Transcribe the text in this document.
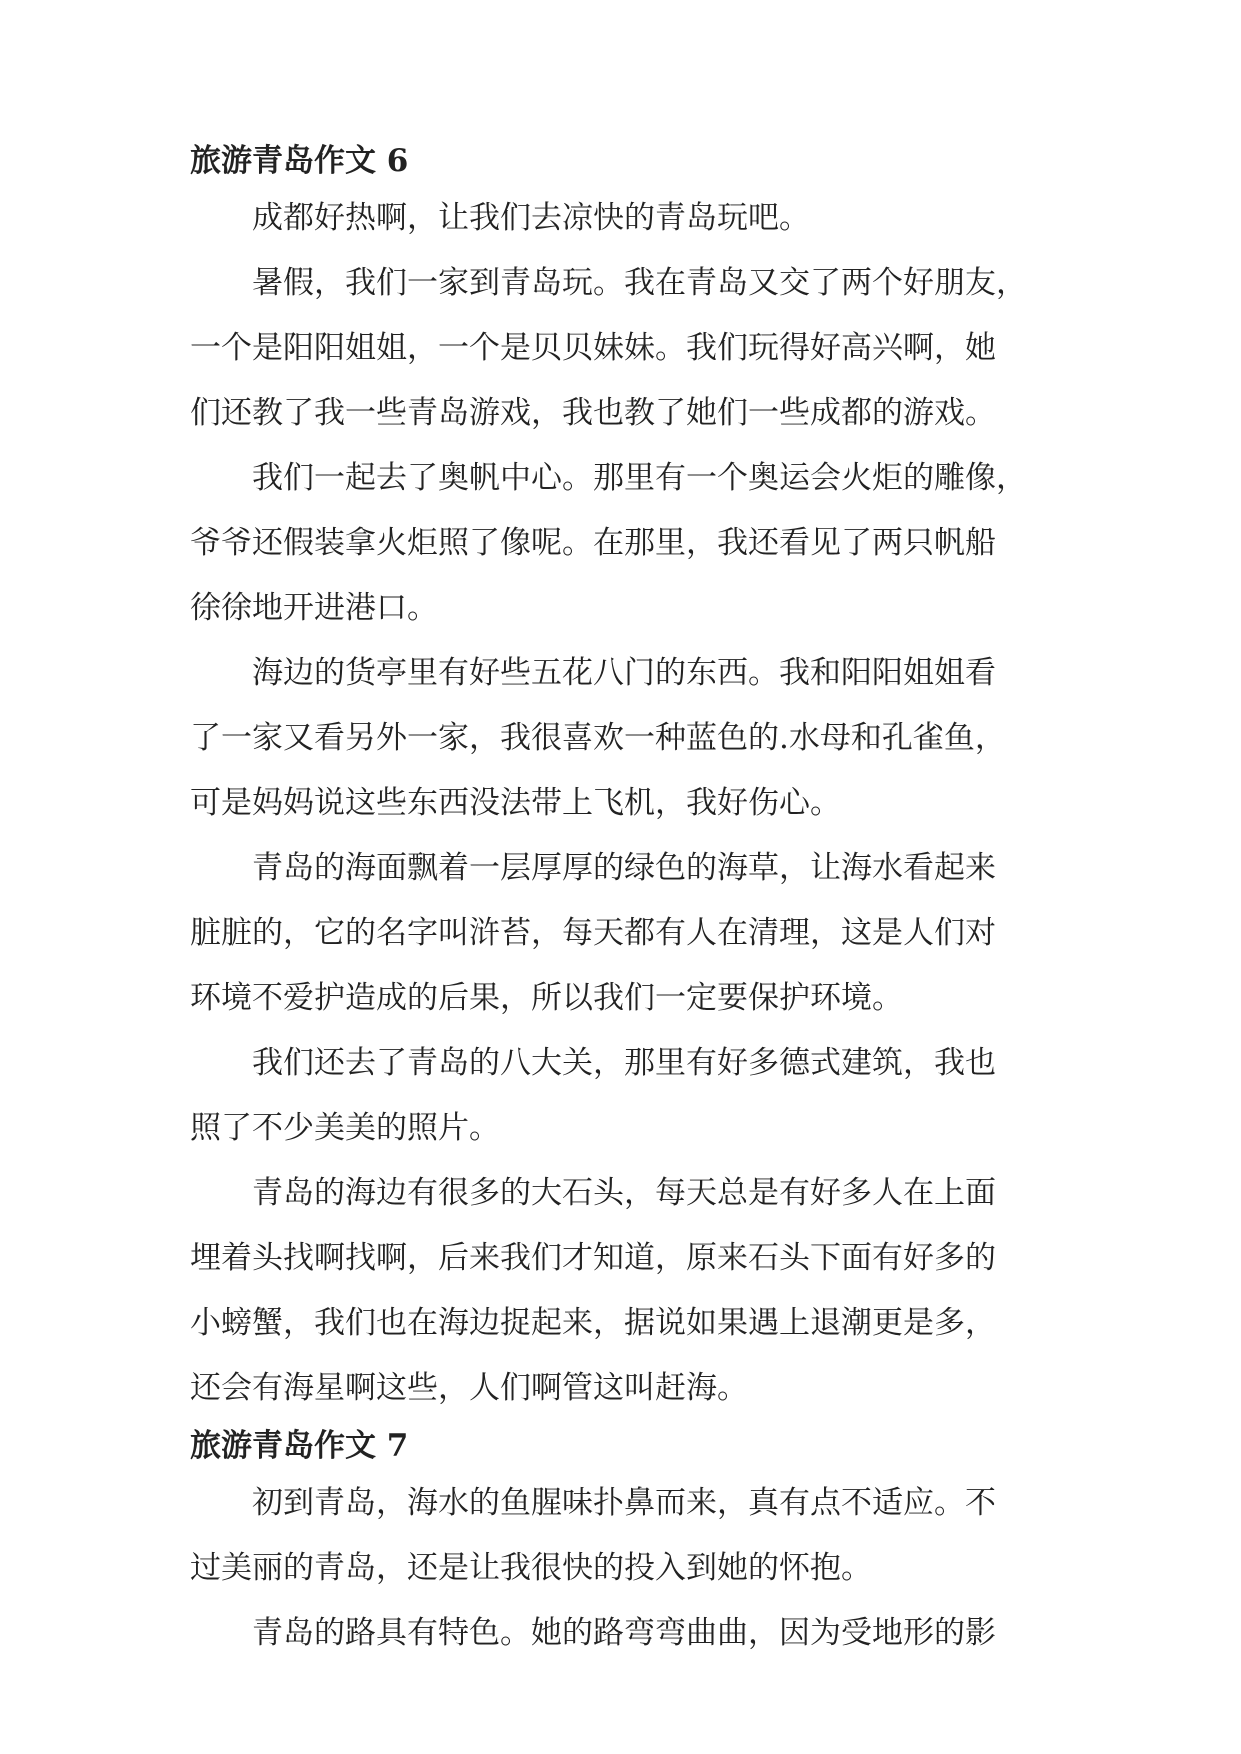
旅游青岛作文 6

成都好热啊，让我们去凉快的青岛玩吧。

暑假，我们一家到青岛玩。我在青岛又交了两个好朋友，
一个是阳阳姐姐，一个是贝贝妹妹。我们玩得好高兴啊，她
们还教了我一些青岛游戏，我也教了她们一些成都的游戏。

我们一起去了奥帆中心。那里有一个奥运会火炬的雕像，
爷爷还假装拿火炬照了像呢。在那里，我还看见了两只帆船
徐徐地开进港口。

海边的货亭里有好些五花八门的东西。我和阳阳姐姐看
了一家又看另外一家，我很喜欢一种蓝色的.水母和孔雀鱼，
可是妈妈说这些东西没法带上飞机，我好伤心。

青岛的海面飘着一层厚厚的绿色的海草，让海水看起来
脏脏的，它的名字叫浒苔，每天都有人在清理，这是人们对
环境不爱护造成的后果，所以我们一定要保护环境。

我们还去了青岛的八大关，那里有好多德式建筑，我也
照了不少美美的照片。

青岛的海边有很多的大石头，每天总是有好多人在上面
埋着头找啊找啊，后来我们才知道，原来石头下面有好多的
小螃蟹，我们也在海边捉起来，据说如果遇上退潮更是多，
还会有海星啊这些，人们啊管这叫赶海。

旅游青岛作文 7

初到青岛，海水的鱼腥味扑鼻而来，真有点不适应。不
过美丽的青岛，还是让我很快的投入到她的怀抱。

青岛的路具有特色。她的路弯弯曲曲，因为受地形的影
